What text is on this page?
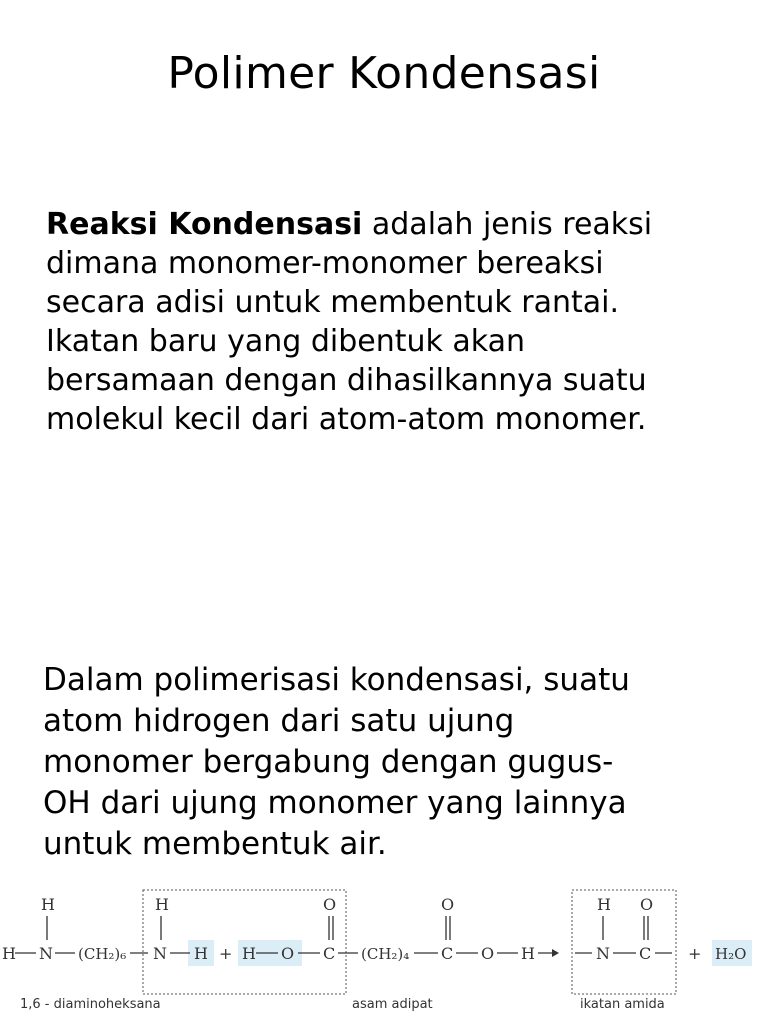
Polimer Kondensasi
Reaksi Kondensasi adalah jenis reaksi
dimana monomer-monomer bereaksi
secara adisi untuk membentuk rantai.
Ikatan baru yang dibentuk akan
bersamaan dengan dihasilkannya suatu
molekul kecil dari atom-atom monomer.
Dalam polimerisasi kondensasi, suatu
atom hidrogen dari satu ujung
monomer bergabung dengan gugus-
OH dari ujung monomer yang lainnya
untuk membentuk air.
H	H	O	O	H O
H N (CH₂)₆ N H + H O C (CH₂)₄ C O H	N C + H₂O
1,6 - diaminoheksana	asam adipat	ikatan amida
